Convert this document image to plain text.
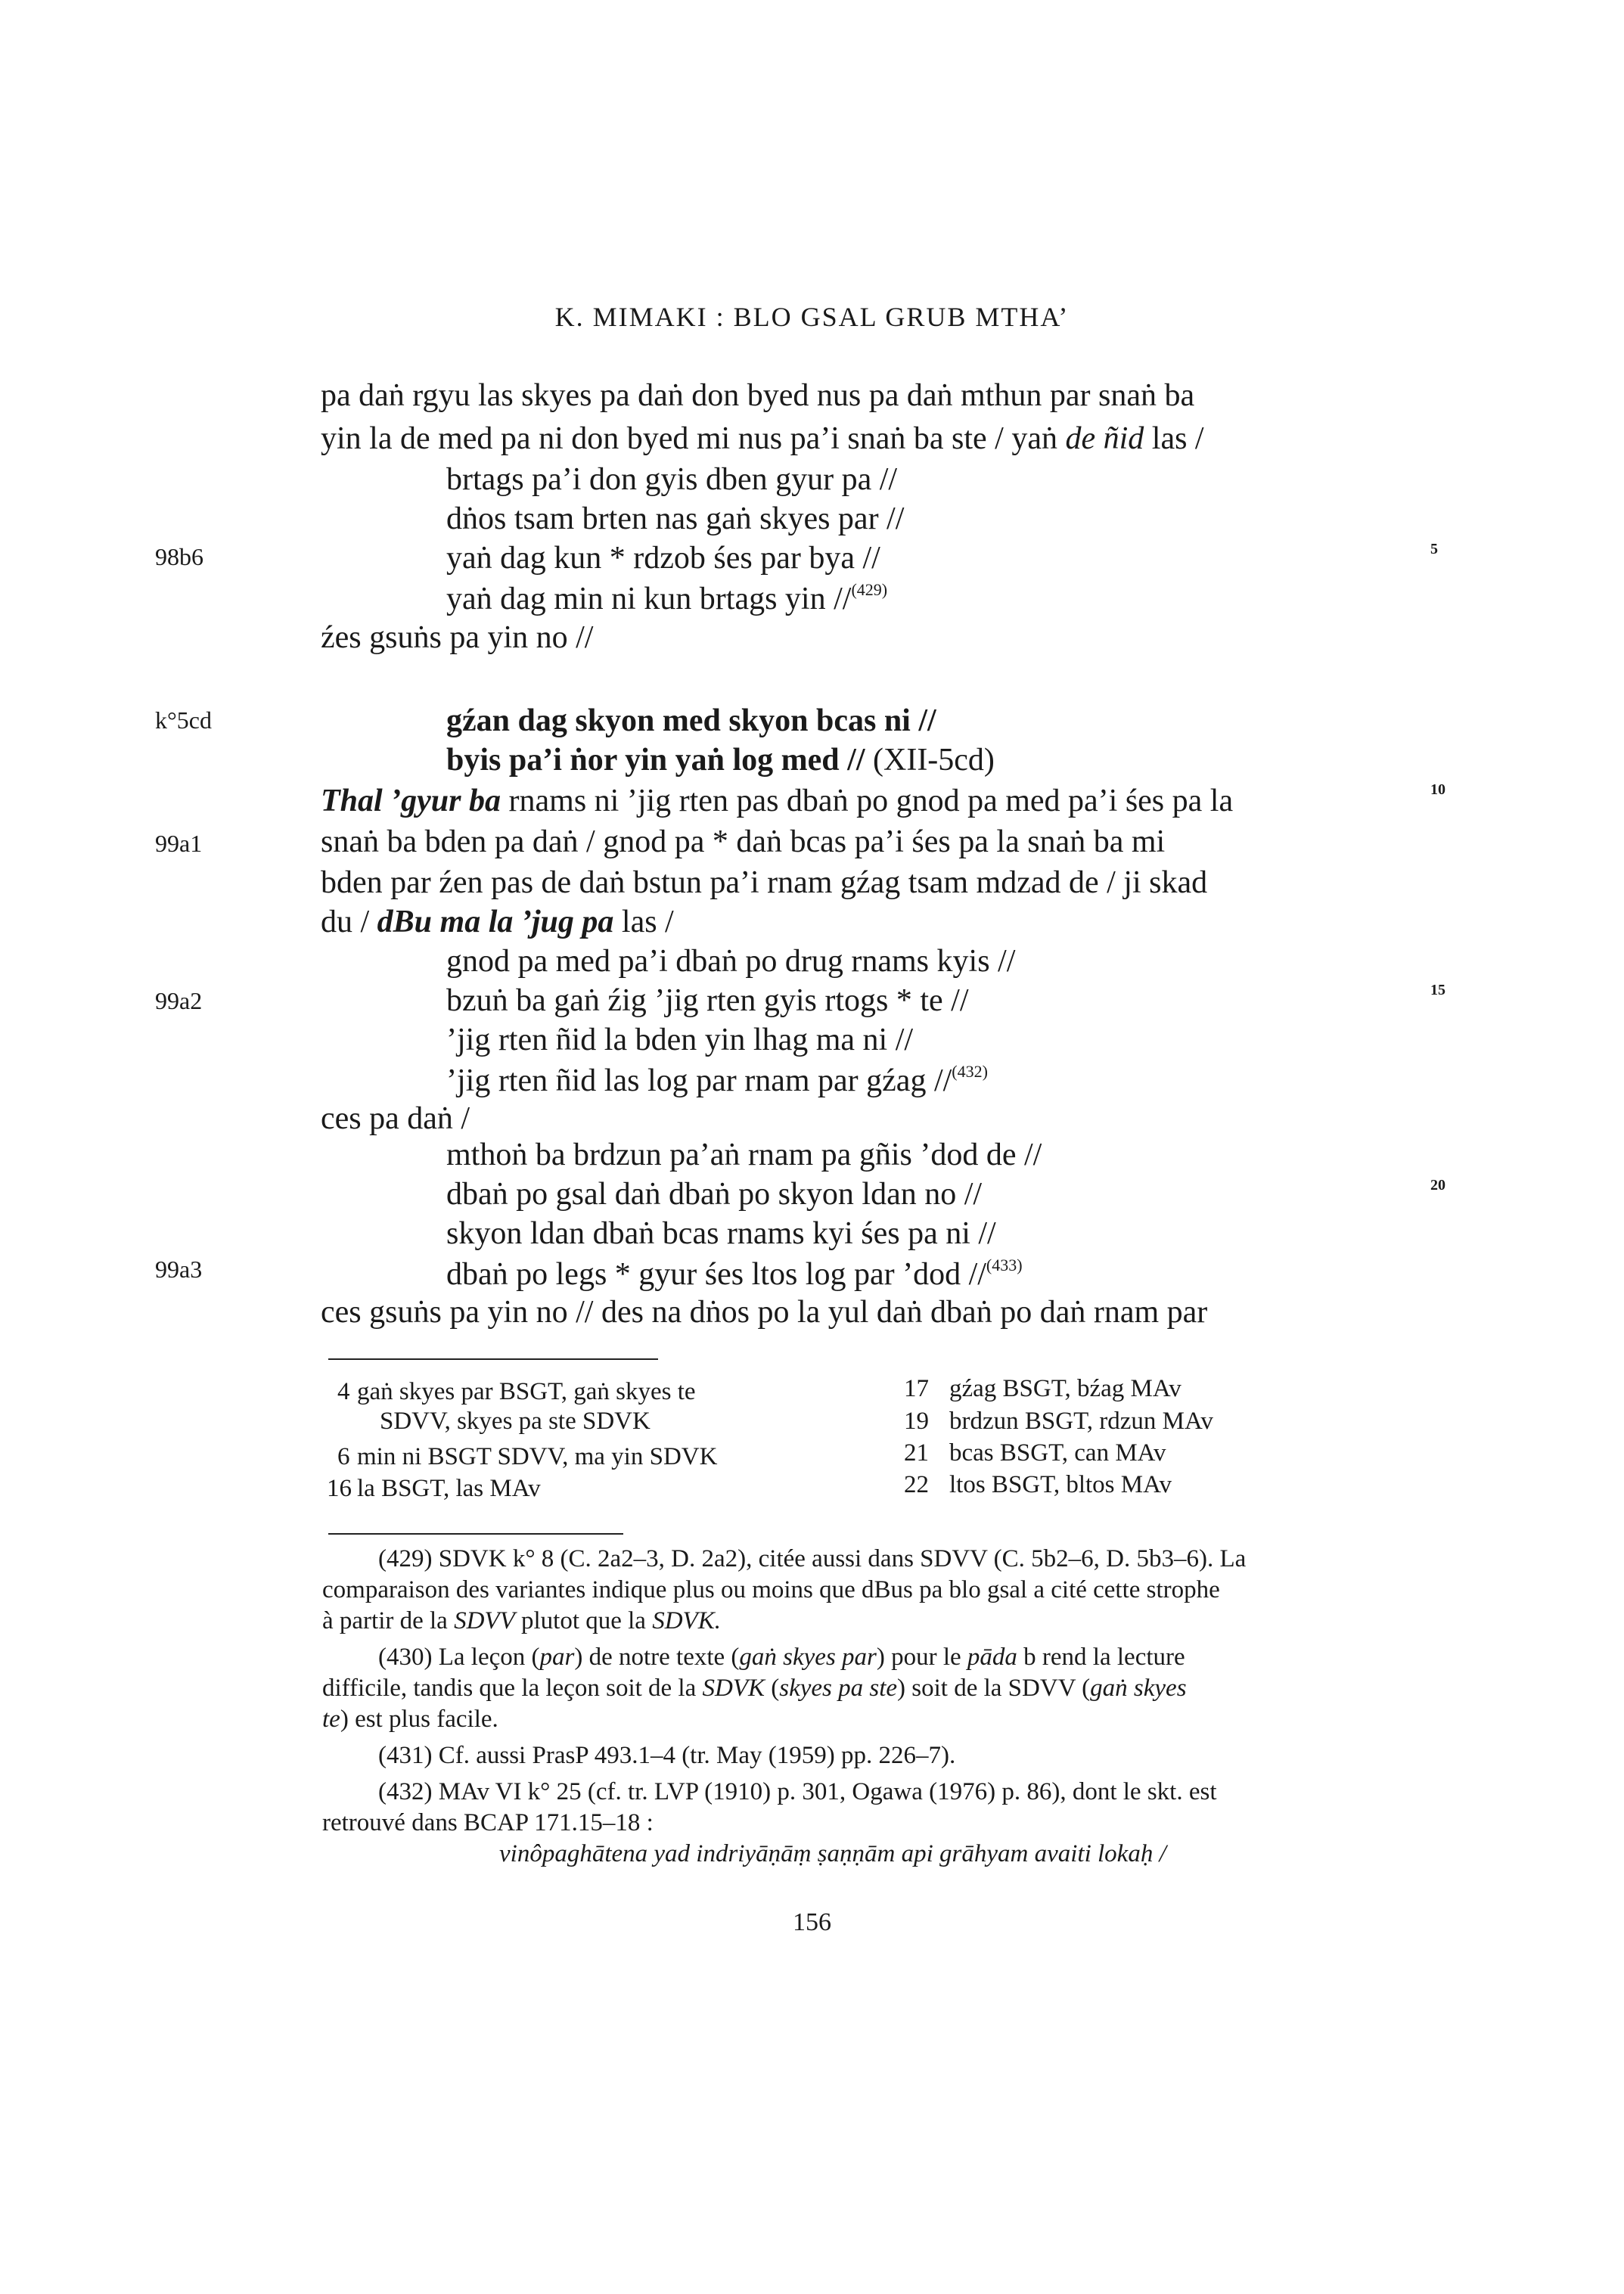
K. MIMAKI : BLO GSAL GRUB MTHA’
98b6
k°5cd
99a1
99a2
99a3
5
10
15
20
pa daṅ rgyu las skyes pa daṅ don byed nus pa daṅ mthun par snaṅ ba
yin la de med pa ni don byed mi nus pa’i snaṅ ba ste / yaṅ de ñid las /
brtags pa’i don gyis dben gyur pa //
dṅos tsam brten nas gaṅ skyes par //
yaṅ dag kun * rdzob śes par bya //
yaṅ dag min ni kun brtags yin //$^{(429)}$
źes gsuṅs pa yin no //
gźan dag skyon med skyon bcas ni //
byis pa’i ṅor yin yaṅ log med // (XII-5cd)
Thal ’gyur ba rnams ni ’jig rten pas dbaṅ po gnod pa med pa’i śes pa la
snaṅ ba bden pa daṅ / gnod pa * daṅ bcas pa’i śes pa la snaṅ ba mi
bden par źen pas de daṅ bstun pa’i rnam gźag tsam mdzad de / ji skad
du / dBu ma la ’jug pa las /
gnod pa med pa’i dbaṅ po drug rnams kyis //
bzuṅ ba gaṅ źig ’jig rten gyis rtogs * te //
’jig rten ñid la bden yin lhag ma ni //
’jig rten ñid las log par rnam par gźag //$^{(432)}$
ces pa daṅ /
mthoṅ ba brdzun pa’aṅ rnam pa gñis ’dod de //
dbaṅ po gsal daṅ dbaṅ po skyon ldan no //
skyon ldan dbaṅ bcas rnams kyi śes pa ni //
dbaṅ po legs * gyur śes ltos log par ’dod //$^{(433)}$
ces gsuṅs pa yin no // des na dṅos po la yul daṅ dbaṅ po daṅ rnam par
4 gaṅ skyes par BSGT, gaṅ skyes te
SDVV, skyes pa ste SDVK
6 min ni BSGT SDVV, ma yin SDVK
16 la BSGT, las MAv
17 gźag BSGT, bźag MAv
19 brdzun BSGT, rdzun MAv
21 bcas BSGT, can MAv
22 ltos BSGT, bltos MAv
(429) SDVK k° 8 (C. 2a2–3, D. 2a2), citée aussi dans SDVV (C. 5b2–6, D. 5b3–6). La
comparaison des variantes indique plus ou moins que dBus pa blo gsal a cité cette strophe
à partir de la SDVV plutot que la SDVK.
(430) La leçon (par) de notre texte (gaṅ skyes par) pour le pāda b rend la lecture
difficile, tandis que la leçon soit de la SDVK (skyes pa ste) soit de la SDVV (gaṅ skyes
te) est plus facile.
(431) Cf. aussi PrasP 493.1–4 (tr. May (1959) pp. 226–7).
(432) MAv VI k° 25 (cf. tr. LVP (1910) p. 301, Ogawa (1976) p. 86), dont le skt. est
retrouvé dans BCAP 171.15–18 :
vinôpaghātena yad indriyāṇāṃ ṣaṇṇām api grāhyam avaiti lokaḥ /
156
